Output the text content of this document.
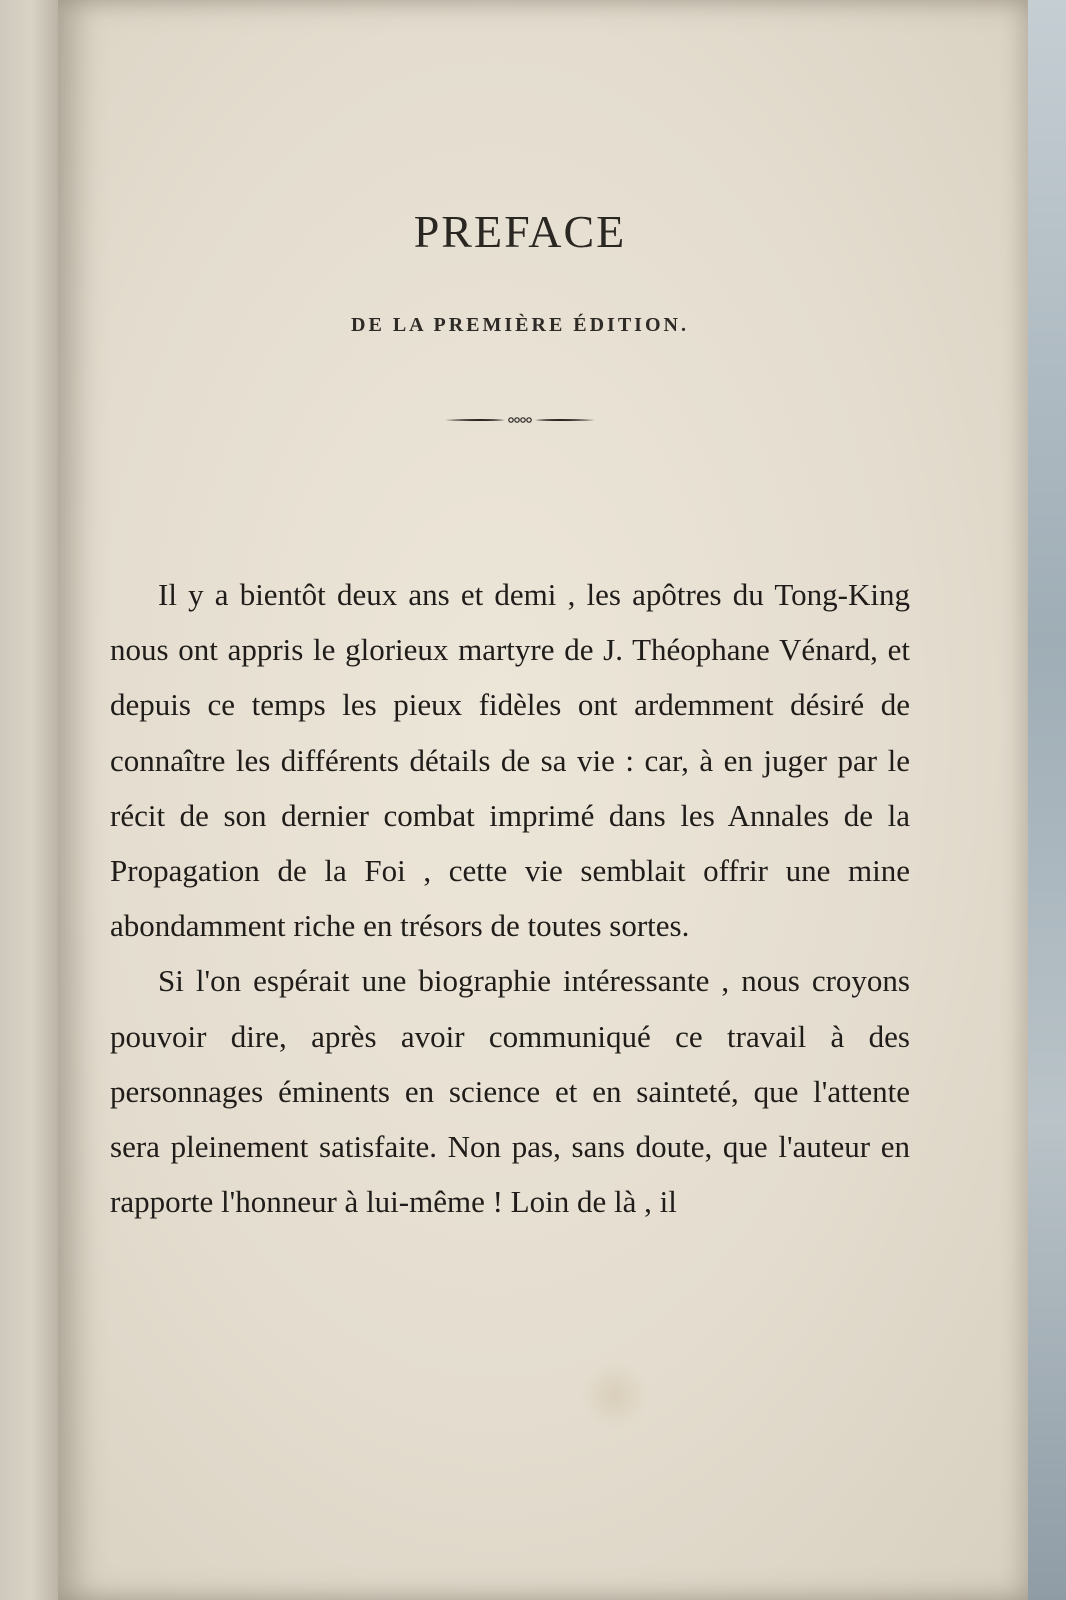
PREFACE
DE LA PREMIÈRE ÉDITION.

Il y a bientôt deux ans et demi , les apôtres du Tong-King nous ont appris le glorieux martyre de J. Théophane Vénard, et depuis ce temps les pieux fidèles ont ardemment désiré de connaître les différents détails de sa vie : car, à en juger par le récit de son dernier combat imprimé dans les Annales de la Propagation de la Foi , cette vie semblait offrir une mine abondamment riche en trésors de toutes sortes.

Si l'on espérait une biographie intéressante , nous croyons pouvoir dire, après avoir communiqué ce travail à des personnages éminents en science et en sainteté, que l'attente sera pleinement satisfaite. Non pas, sans doute, que l'auteur en rapporte l'honneur à lui-même ! Loin de là , il
